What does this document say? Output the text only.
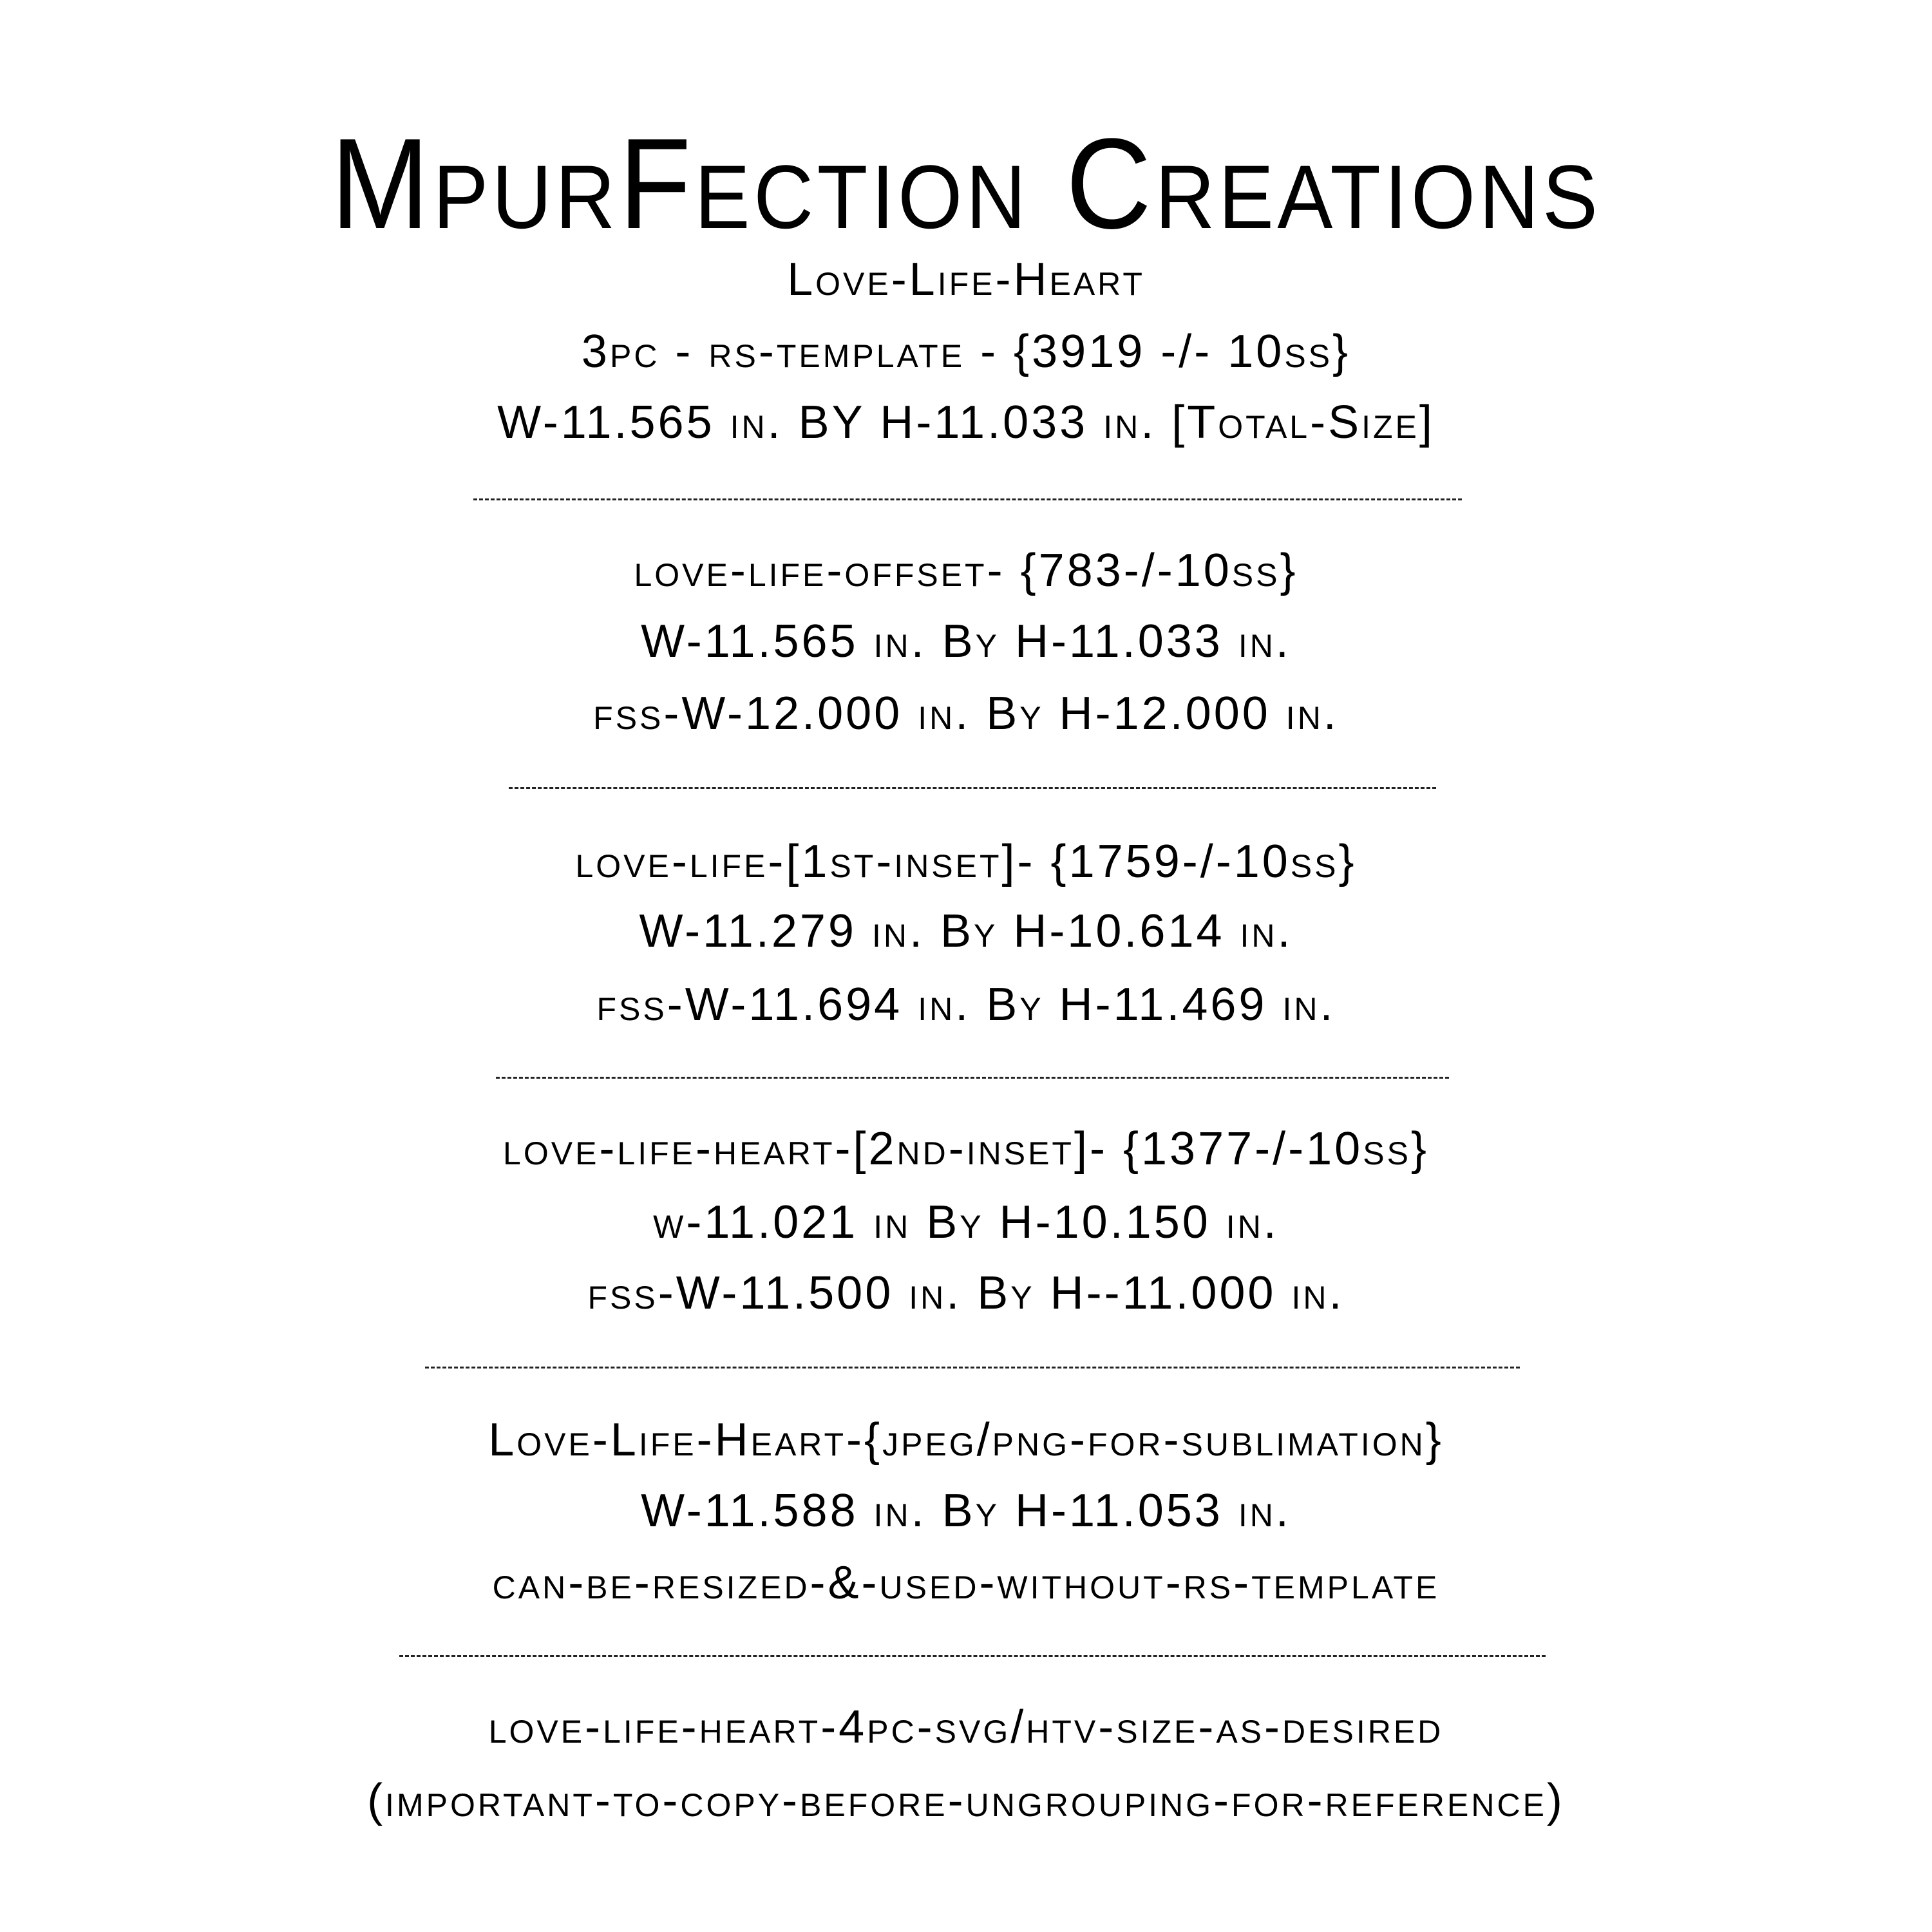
MpurFection Creations
Love-Life-Heart
3pc - rs-template - {3919 -/- 10ss}
W-11.565 in. BY H-11.033 in. [Total-Size]
love-life-offset- {783-/-10ss}
W-11.565 in. By H-11.033 in.
fss-W-12.000 in. By H-12.000 in.
love-life-[1st-inset]- {1759-/-10ss}
W-11.279 in. By H-10.614 in.
fss-W-11.694 in. By H-11.469 in.
love-life-heart-[2nd-inset]- {1377-/-10ss}
w-11.021 in By H-10.150 in.
fss-W-11.500 in. By H--11.000 in.
Love-Life-Heart-{jpeg/png-for-sublimation}
W-11.588 in. By H-11.053 in.
can-be-resized-&-used-without-rs-template
love-life-heart-4pc-svg/htv-size-as-desired
(important-to-copy-before-ungrouping-for-reference)
